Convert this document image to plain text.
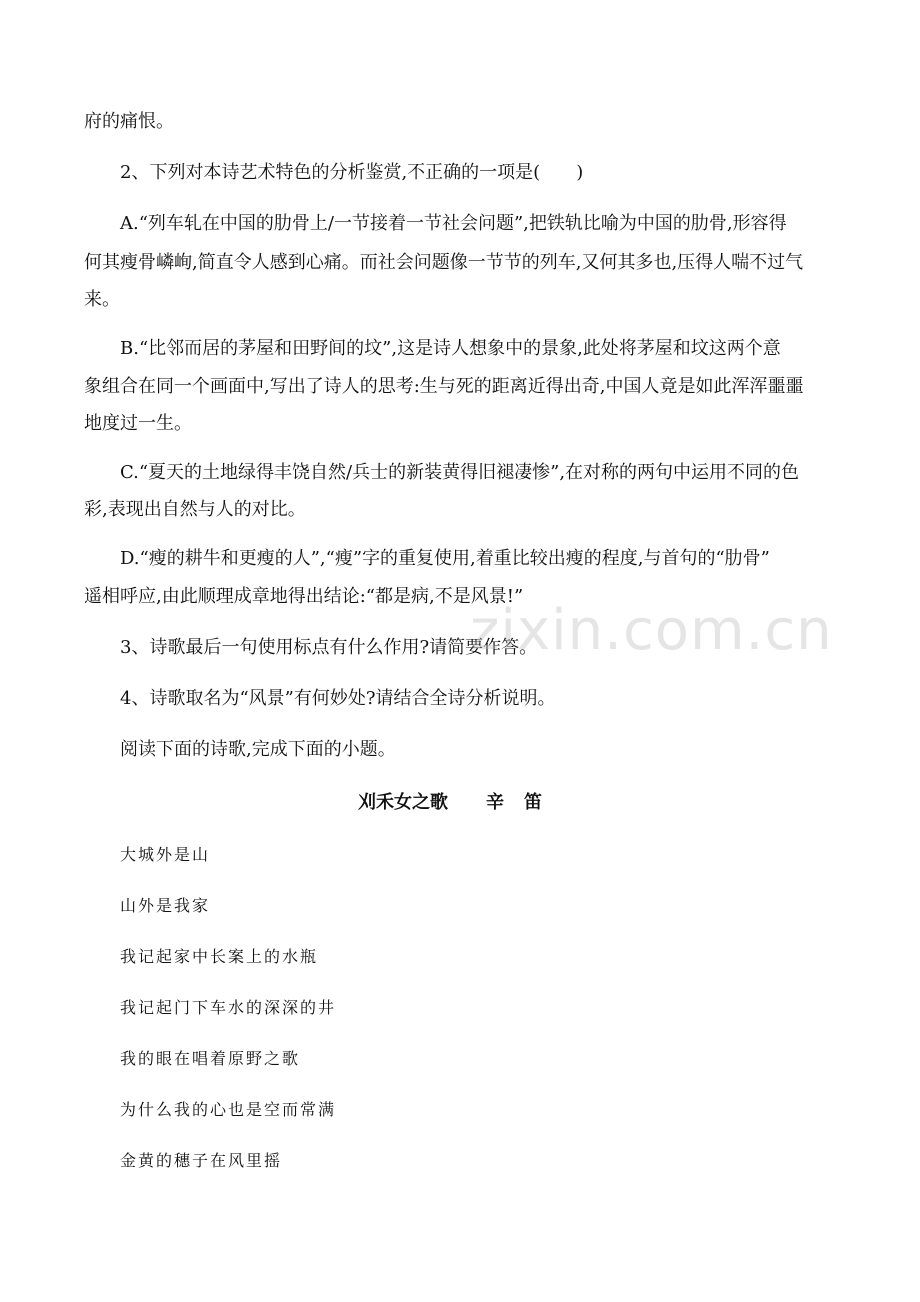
府的痛恨。
2、下列对本诗艺术特色的分析鉴赏,不正确的一项是(　　)
A.“列车轧在中国的肋骨上/一节接着一节社会问题”,把铁轨比喻为中国的肋骨,形容得
何其瘦骨嶙峋,简直令人感到心痛。而社会问题像一节节的列车,又何其多也,压得人喘不过气
来。
B.“比邻而居的茅屋和田野间的坟”,这是诗人想象中的景象,此处将茅屋和坟这两个意
象组合在同一个画面中,写出了诗人的思考:生与死的距离近得出奇,中国人竟是如此浑浑噩噩
地度过一生。
C.“夏天的土地绿得丰饶自然/兵士的新装黄得旧褪凄惨”,在对称的两句中运用不同的色
彩,表现出自然与人的对比。
D.“瘦的耕牛和更瘦的人”,“瘦”字的重复使用,着重比较出瘦的程度,与首句的“肋骨”
遥相呼应,由此顺理成章地得出结论:“都是病,不是风景!”
3、诗歌最后一句使用标点有什么作用?请简要作答。
4、诗歌取名为“风景”有何妙处?请结合全诗分析说明。
阅读下面的诗歌,完成下面的小题。
刈禾女之歌 辛笛
大城外是山
山外是我家
我记起家中长案上的水瓶
我记起门下车水的深深的井
我的眼在唱着原野之歌
为什么我的心也是空而常满
金黄的穗子在风里摇
zixin.com.cn
